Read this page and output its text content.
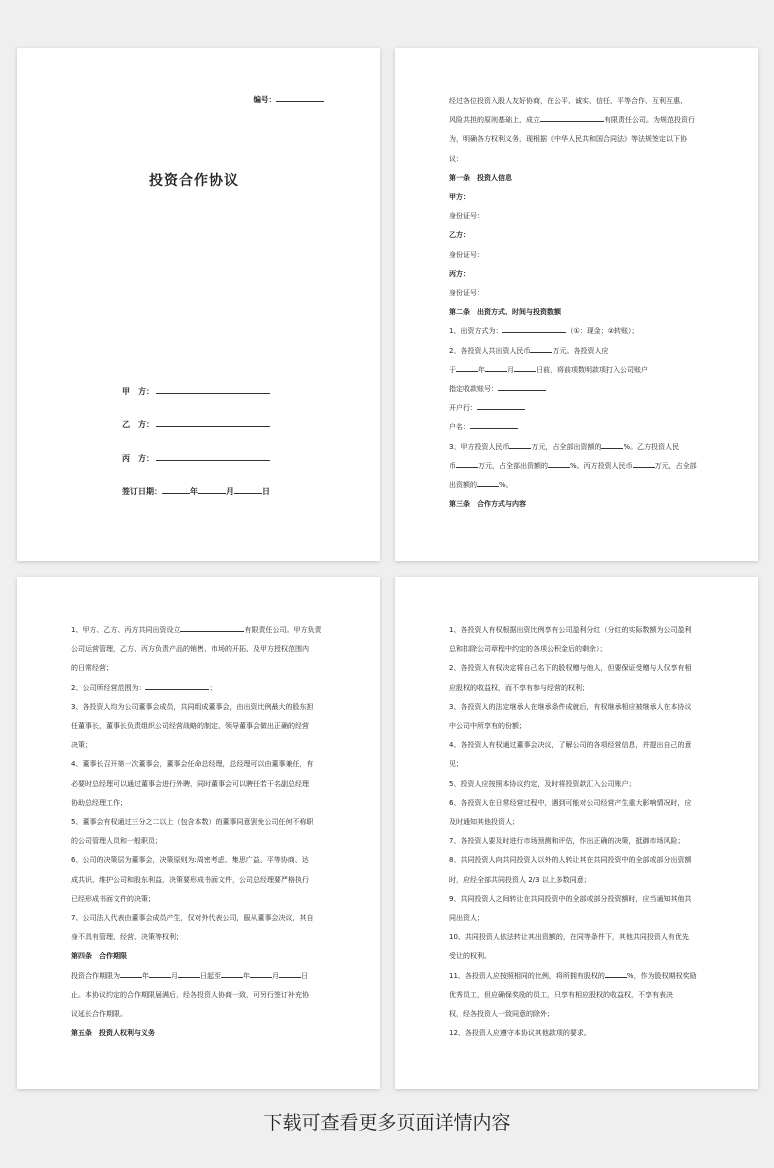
编号：
投资合作协议
甲　方：
乙　方：
丙　方：
签订日期：	年	月	日

经过各位投资入股人友好协商，在公平、诚实、信任、平等合作、互利互惠、

风险共担的原则基础上，成立	有限责任公司。为规范投资行

为，明确各方权利义务，现根据《中华人民共和国合同法》等法规签定以下协

议：

第一条　投资人信息

甲方：

身份证号：

乙方：

身份证号：

丙方：

身份证号：

第二条　出资方式、时间与投资数额

1、出资方式为：	（①：现金；②转账）；

2、各投资人共出资人民币	万元。各投资人应

于	年	月	日前，将前项数明款项打入公司账户

指定收款账号：

开户行：

户名：

3、甲方投资人民币	万元，占全部出资额的	%。乙方投资人民

币	万元，占全部出资额的	%。丙方投资人民币	万元，占全部

出资额的	%。

第三条　合作方式与内容

1、甲方、乙方、丙方共同出资设立	有限责任公司。甲方负责

公司运营管理，乙方、丙方负责产品的销售、市场的开拓、及甲方授权范围内

的日常经营；

2、公司所经营范围为：	；

3、各投资人均为公司董事会成员，共同组成董事会，由出资比例最大的股东担

任董事长，董事长负责组织公司经营战略的制定，领导董事会做出正确的经营

决策；

4、董事长召开第一次董事会，董事会任命总经理，总经理可以由董事兼任，有

必要时总经理可以通过董事会进行外聘，同时董事会可以聘任若干名副总经理

协助总经理工作；

5、董事会有权通过三分之二以上（包含本数）的董事同意罢免公司任何不称职

的公司管理人员和一般职员；

6、公司的决策层为董事会，决策原则为:周密考虑、集思广益、平等协商、达

成共识、维护公司和股东利益、决策要形成书面文件，公司总经理要严格执行

已经形成书面文件的决策；

7、公司法人代表由董事会成员产生，仅对外代表公司，服从董事会决议，其自

身不具有管理、经营、决策等权利；

第四条　合作期限

投资合作期限为	年	月	日起至	年	月	日

止。本协议约定的合作期限届满后，经各投资人协商一致，可另行签订补充协

议延长合作期限。

第五条　投资人权利与义务

1、各投资人有权根据出资比例享有公司盈利分红（分红的实际数额为公司盈利

总和扣除公司章程中约定的各项公积金后的剩余）；

2、各投资人有权决定将自己名下的股权赠与他人，但要保证受赠与人仅享有相

应股权的收益权，而不享有参与经营的权利；

3、各投资人的法定继承人在继承条件成就后，有权继承相应被继承人在本协议

中公司中所享有的份额；

4、各投资人有权通过董事会决议，了解公司的各项经营信息，并提出自己的意

见；

5、投资人应按照本协议约定，及时将投资款汇入公司账户；

6、各投资人在日常经营过程中，遇到可能对公司经营产生重大影响情况时，应

及时通知其他投资人；

7、各投资人要及时进行市场预测和评估，作出正确的决策，抵御市场风险；

8、共同投资人向共同投资人以外的人转让其在共同投资中的全部或部分出资额

时，应经全部共同投资人 2/3 以上多数同意；

9、共同投资人之间转让在共同投资中的全部或部分投资额时，应当通知其他共

同出资人；

10、共同投资人依法转让其出资额的，在同等条件下，其他共同投资人有优先

受让的权利。

11、各投资人应按照相同的比例，将所拥有股权的	%，作为股权期权奖励

优秀员工，但应确保奖励的员工，只享有相应股权的收益权，不享有表决

权，经各投资人一致同意的除外；

12、各投资人应遵守本协议其他款项的要求。

下载可查看更多页面详情内容
